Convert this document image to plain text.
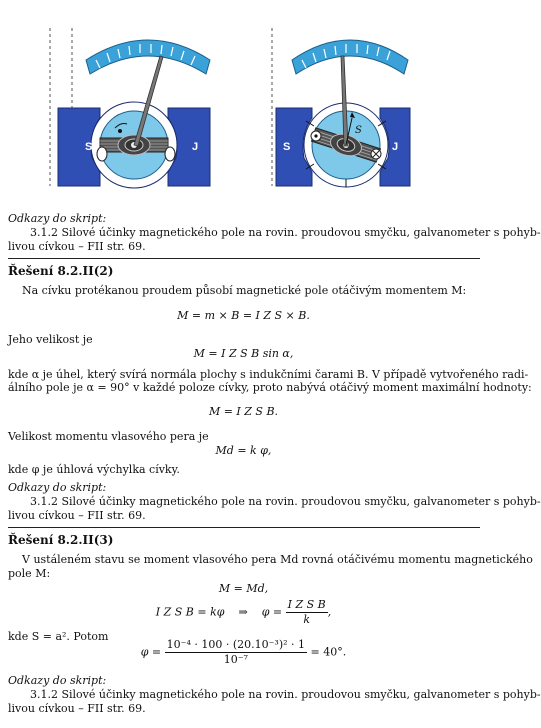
S	J	S	J
S
Odkazy do skript:
3.1.2 Silové účinky magnetického pole na rovin. proudovou smyčku, galvanometer s pohyb-
livou cívkou – FII str. 69.
Řešení 8.2.II(2)
Na cívku protékanou proudem působí magnetické pole otáčivým momentem M:
M = m × B = I Z S × B.
Jeho velikost je
M = I Z S B sin α,
kde α je úhel, který svírá normála plochy s indukčními čarami B. V případě vytvořeného radi-
álního pole je α = 90° v každé poloze cívky, proto nabývá otáčivý moment maximální hodnoty:
M = I Z S B.
Velikost momentu vlasového pera je
Md = k φ,
kde φ je úhlová výchylka cívky.
Odkazy do skript:
3.1.2 Silové účinky magnetického pole na rovin. proudovou smyčku, galvanometer s pohyb-
livou cívkou – FII str. 69.
Řešení 8.2.II(3)
V ustáleném stavu se moment vlasového pera Md rovná otáčivému momentu magnetického
pole M:
M = Md,
I Z S B = kφ ⇒ $\varphi = \frac{\text{I Z S B}}{k}$ ,
kde S = a². Potom
$\varphi = \frac{\text{10⁻⁴ · 100 · (20.10⁻³)² · 1}}{\text{10⁻⁷}} = 40^\circ$.
Odkazy do skript:
3.1.2 Silové účinky magnetického pole na rovin. proudovou smyčku, galvanometer s pohyb-
livou cívkou – FII str. 69.
